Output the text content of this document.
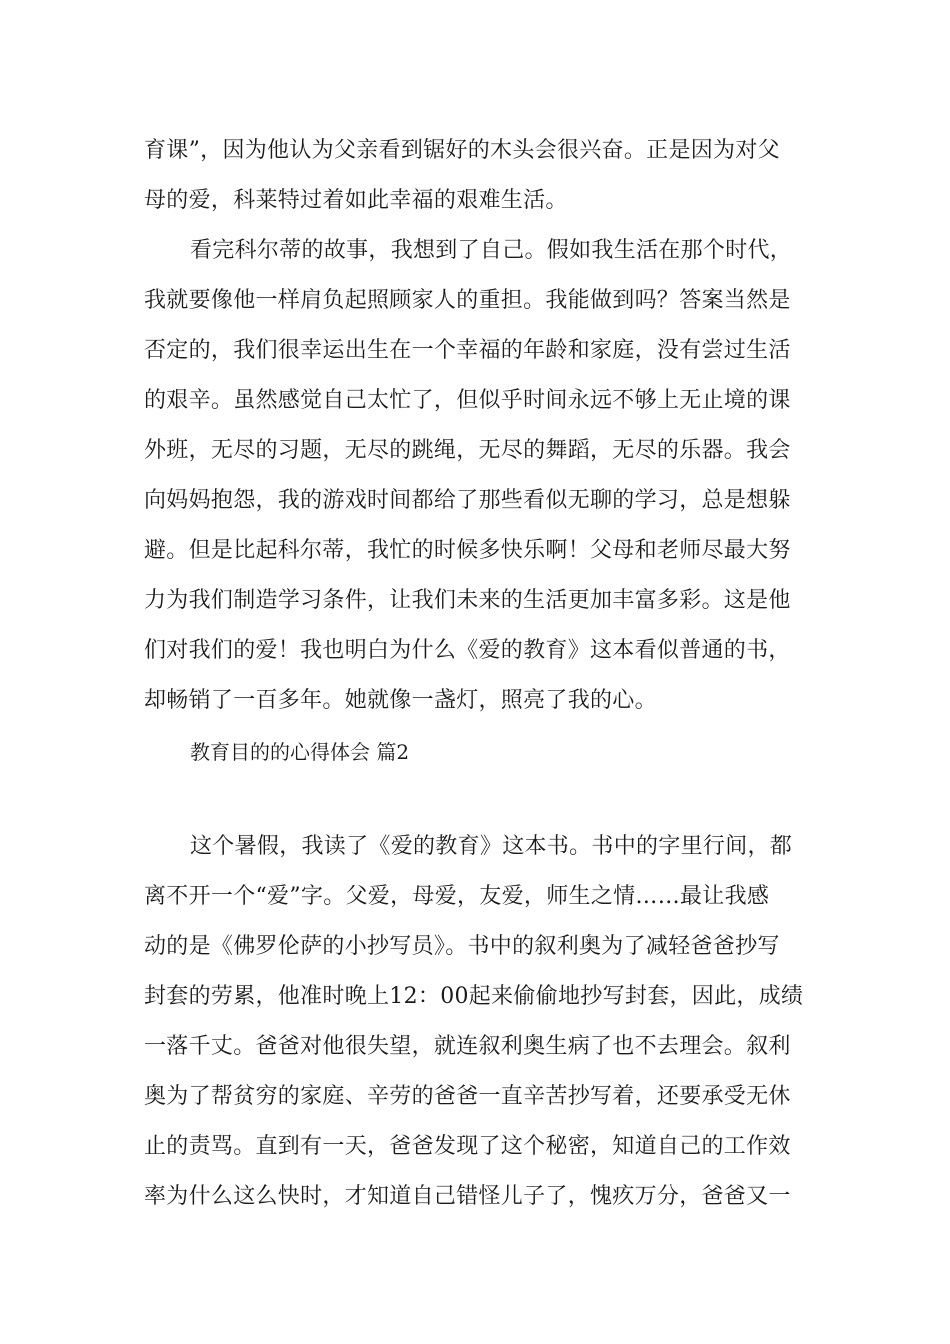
育课”，因为他认为父亲看到锯好的木头会很兴奋。正是因为对父
母的爱，科莱特过着如此幸福的艰难生活。
看完科尔蒂的故事，我想到了自己。假如我生活在那个时代，
我就要像他一样肩负起照顾家人的重担。我能做到吗？答案当然是
否定的，我们很幸运出生在一个幸福的年龄和家庭，没有尝过生活
的艰辛。虽然感觉自己太忙了，但似乎时间永远不够上无止境的课
外班，无尽的习题，无尽的跳绳，无尽的舞蹈，无尽的乐器。我会
向妈妈抱怨，我的游戏时间都给了那些看似无聊的学习，总是想躲
避。但是比起科尔蒂，我忙的时候多快乐啊！父母和老师尽最大努
力为我们制造学习条件，让我们未来的生活更加丰富多彩。这是他
们对我们的爱！我也明白为什么《爱的教育》这本看似普通的书，
却畅销了一百多年。她就像一盏灯，照亮了我的心。
教育目的的心得体会 篇2
这个暑假，我读了《爱的教育》这本书。书中的字里行间，都
离不开一个“爱”字。父爱，母爱，友爱，师生之情……最让我感
动的是《佛罗伦萨的小抄写员》。书中的叙利奥为了减轻爸爸抄写
封套的劳累，他准时晚上12：00起来偷偷地抄写封套，因此，成绩
一落千丈。爸爸对他很失望，就连叙利奥生病了也不去理会。叙利
奥为了帮贫穷的家庭、辛劳的爸爸一直辛苦抄写着，还要承受无休
止的责骂。直到有一天，爸爸发现了这个秘密，知道自己的工作效
率为什么这么快时，才知道自己错怪儿子了，愧疚万分，爸爸又一
